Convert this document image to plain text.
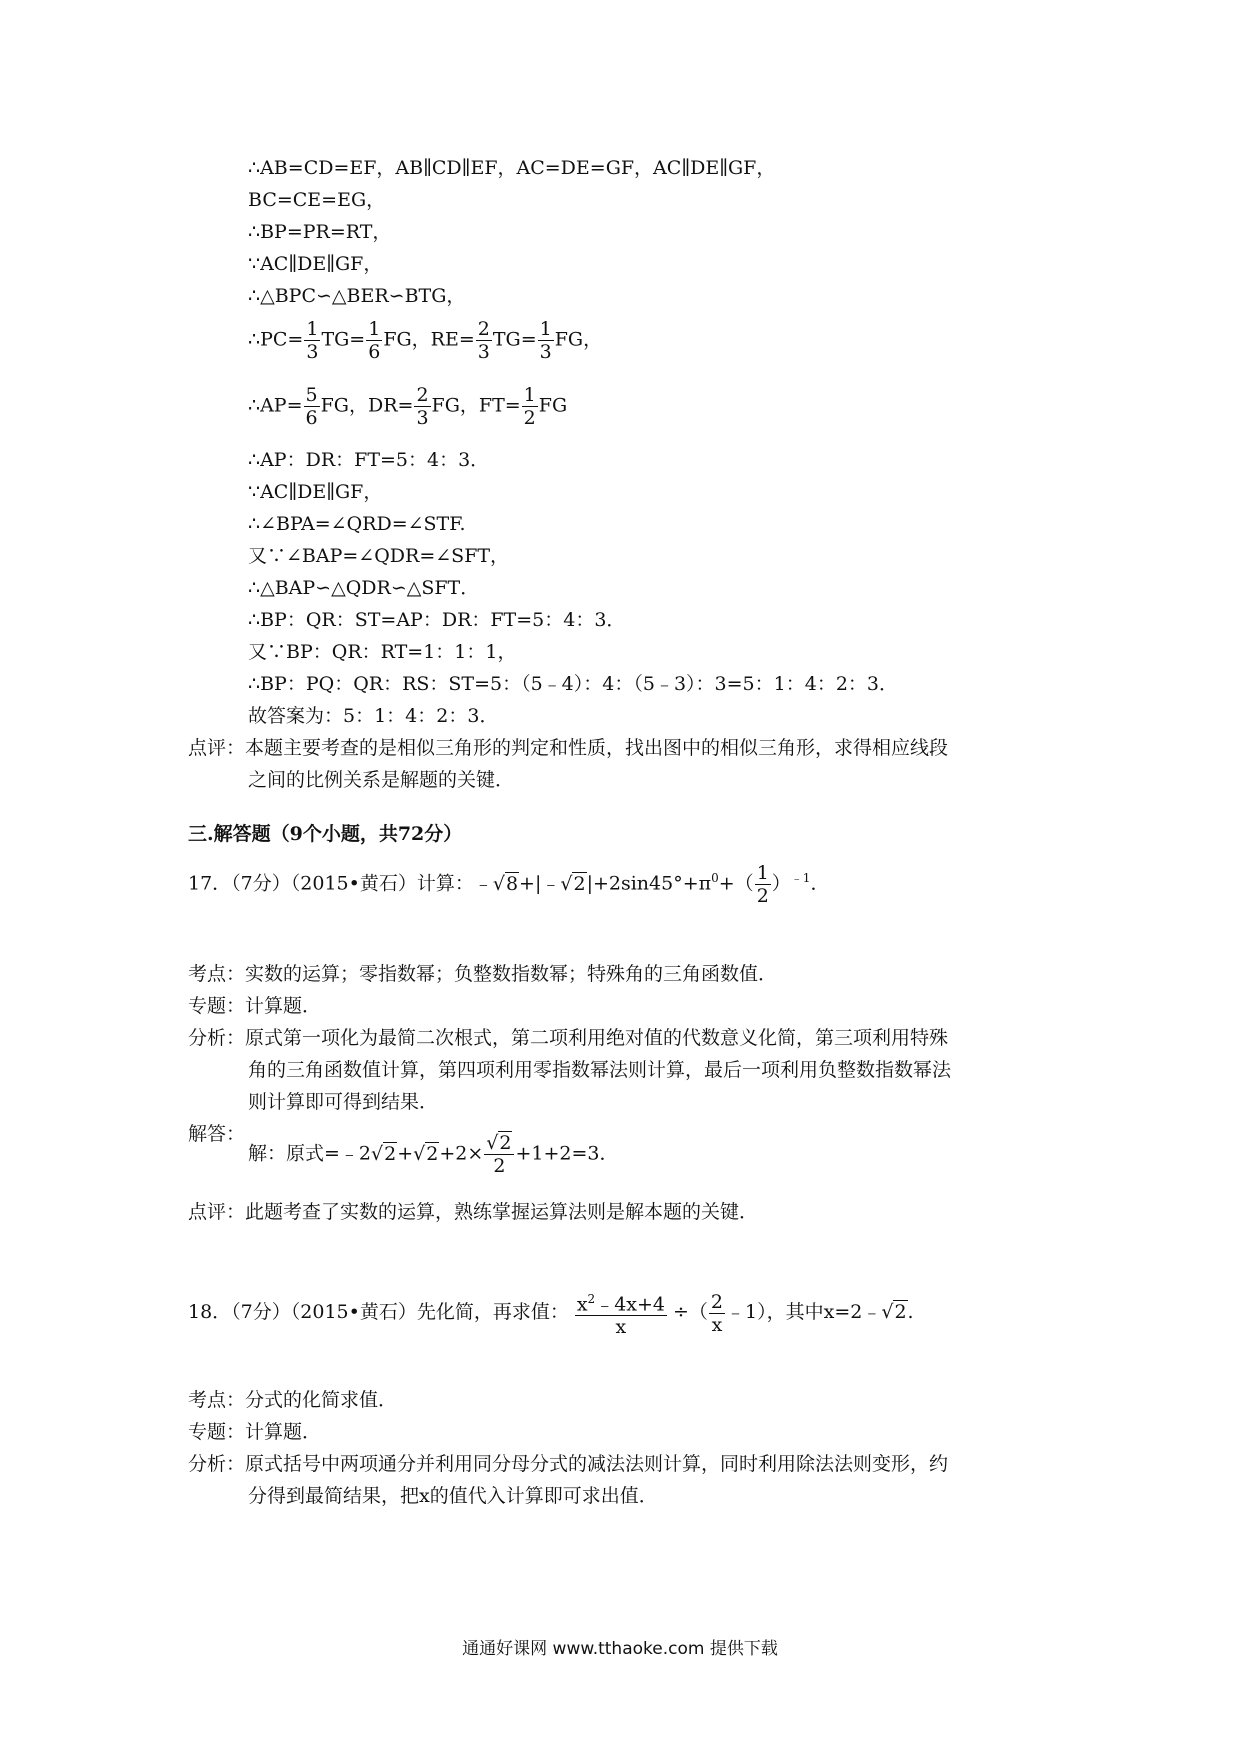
∴AB=CD=EF，AB∥CD∥EF，AC=DE=GF，AC∥DE∥GF，
BC=CE=EG，
∴BP=PR=RT，
∵AC∥DE∥GF，
∴△BPC∽△BER∽BTG，
∴PC= $\frac{1}{3} TG= \frac{1}{6}$ FG，$RE= \frac{2}{3} TG= \frac{1}{3}$ FG，
∴AP= $\frac{5}{6}$ FG，$DR= \frac{2}{3}$ FG，$FT= \frac{1}{2}$ FG
∴AP：DR：FT=5：4：3．
∵AC∥DE∥GF，
∴∠BPA=∠QRD=∠STF.
又∵∠BAP=∠QDR=∠SFT，
∴△BAP∽△QDR∽△SFT．
∴BP：QR：ST=AP：DR：FT=5：4：3．
又∵BP：QR：RT=1：1：1，
∴BP：PQ：QR：RS：ST=5：（5﹣4）：4：（5﹣3）：3=5：1：4：2：3．
故答案为：5：1：4：2：3．
点评：本题主要考查的是相似三角形的判定和性质，找出图中的相似三角形，求得相应线段
之间的比例关系是解题的关键．
三.解答题（9个小题，共72分）
17．（7分）（2015•黄石）计算：$﹣√8+|﹣√2|+2\sin 45^\circ+\pi^0+( \frac{1}{2} )^{﹣1}$．
考点：实数的运算；零指数幂；负整数指数幂；特殊角的三角函数值．
专题：计算题．
分析：原式第一项化为最简二次根式，第二项利用绝对值的代数意义化简，第三项利用特殊
角的三角函数值计算，第四项利用零指数幂法则计算，最后一项利用负整数指数幂法
则计算即可得到结果．
解答：
解：原式=﹣2√2+√2+2× $\frac{√2}{2} +1+2=3$．
点评：此题考查了实数的运算，熟练掌握运算法则是解本题的关键．
18．（7分）（2015•黄石）先化简，再求值： $\frac{x^2﹣4x+4}{x}$ ÷（ $\frac{2}{x}$ ﹣1），其中x=2﹣√2.
考点：分式的化简求值．
专题：计算题．
分析：原式括号中两项通分并利用同分母分式的减法法则计算，同时利用除法法则变形，约
分得到最简结果，把x的值代入计算即可求出值．
通通好课网 www.tthaoke.com 提供下载
